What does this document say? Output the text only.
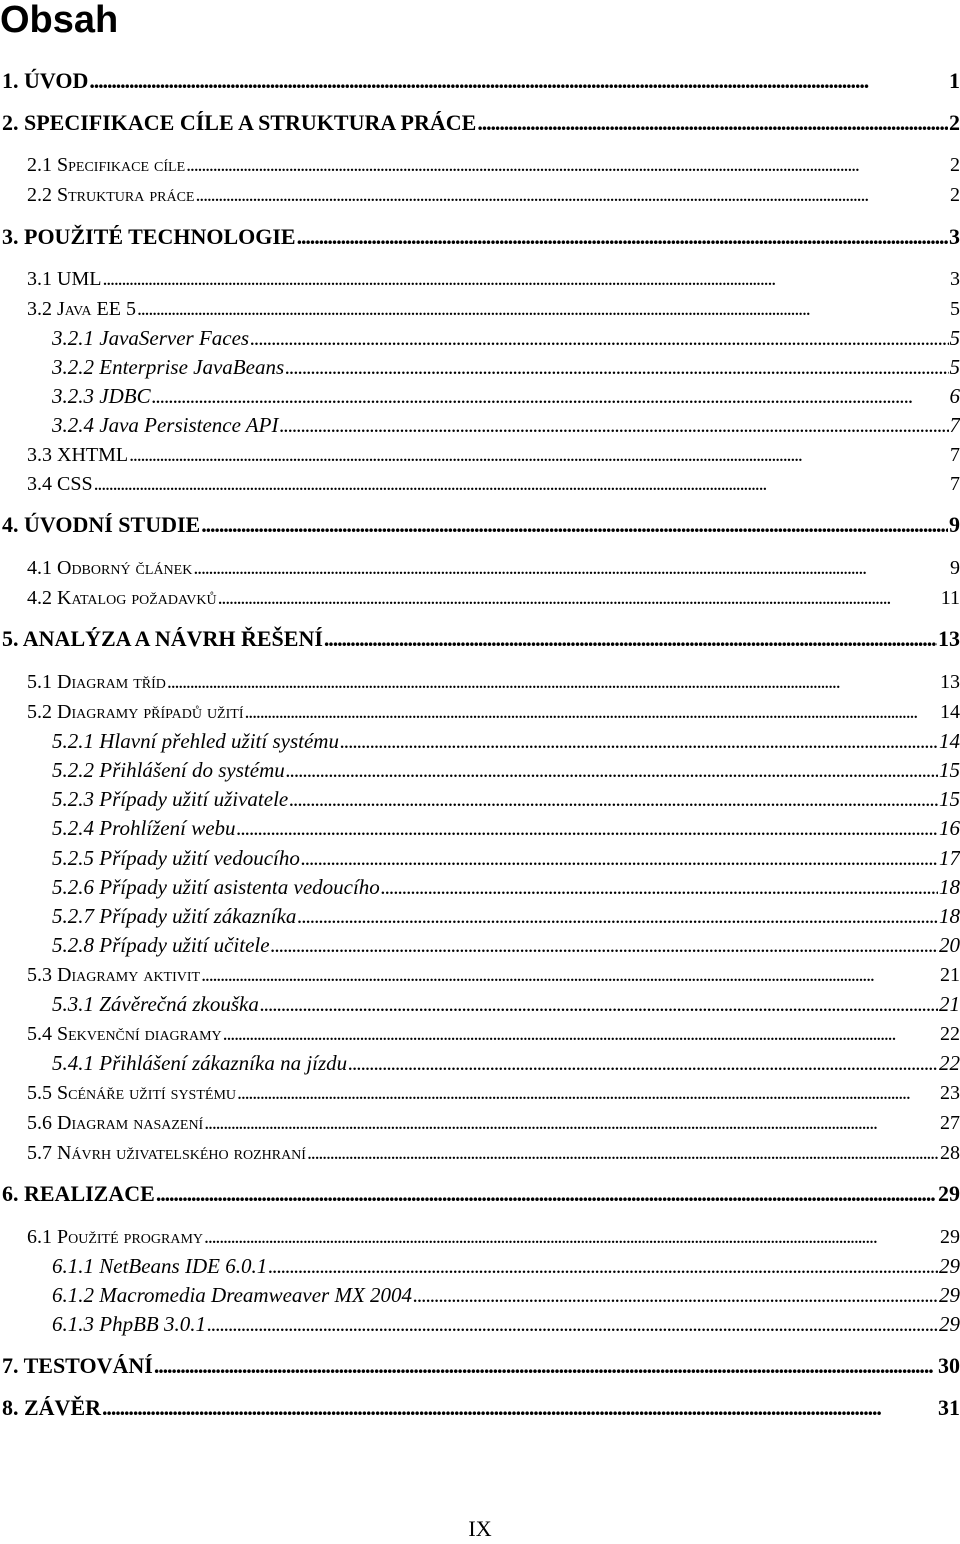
Obsah
1. ÚVOD . . .	1
2. SPECIFIKACE CÍLE A STRUKTURA PRÁCE . . .	2
2.1 Specifikace cíle . . .	2
2.2 Struktura práce . . .	2
3. POUŽITÉ TECHNOLOGIE . . .	3
3.1 UML . . .	3
3.2 Java EE 5 . . .	5
3.2.1 JavaServer Faces . . .	5
3.2.2 Enterprise JavaBeans . . .	5
3.2.3 JDBC . . .	6
3.2.4 Java Persistence API . . .	7
3.3 XHTML . . .	7
3.4 CSS . . .	7
4. ÚVODNÍ STUDIE . . .	9
4.1 Odborný článek . . .	9
4.2 Katalog požadavků . . .	11
5. ANALÝZA A NÁVRH ŘEŠENÍ . . .	13
5.1 Diagram tříd . . .	13
5.2 Diagramy případů užití . . .	14
5.2.1 Hlavní přehled užití systému . . .	14
5.2.2 Přihlášení do systému . . .	15
5.2.3 Případy užití uživatele . . .	15
5.2.4 Prohlížení webu . . .	16
5.2.5 Případy užití vedoucího . . .	17
5.2.6 Případy užití asistenta vedoucího . . .	18
5.2.7 Případy užití zákazníka . . .	18
5.2.8 Případy užití učitele . . .	20
5.3 Diagramy aktivit . . .	21
5.3.1 Závěrečná zkouška . . .	21
5.4 Sekvenční diagramy . . .	22
5.4.1 Přihlášení zákazníka na jízdu . . .	22
5.5 Scénáře užití systému . . .	23
5.6 Diagram nasazení . . .	27
5.7 Návrh uživatelského rozhraní . . .	28
6. REALIZACE . . .	29
6.1 Použité programy . . .	29
6.1.1 NetBeans IDE 6.0.1 . . .	29
6.1.2 Macromedia Dreamweaver MX 2004 . . .	29
6.1.3 PhpBB 3.0.1 . . .	29
7. TESTOVÁNÍ . . .	30
8. ZÁVĚR . . .	31
IX
